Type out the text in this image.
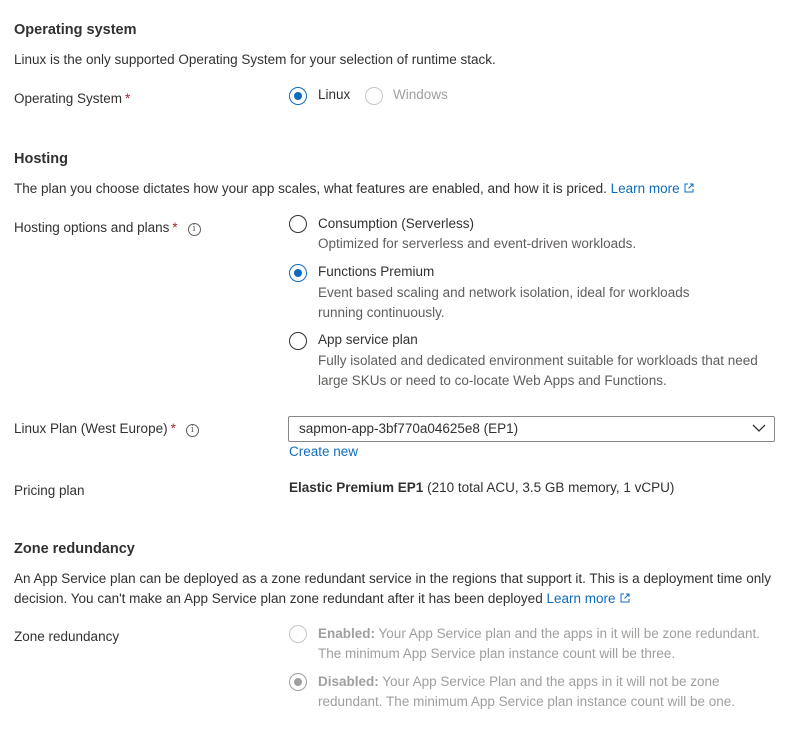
Operating system
Linux is the only supported Operating System for your selection of runtime stack.
Operating System *	Linux	Windows
Hosting
The plan you choose dictates how your app scales, what features are enabled, and how it is priced. Learn more
Hosting options and plans * i	Consumption (Serverless)
Optimized for serverless and event-driven workloads.
Functions Premium
Event based scaling and network isolation, ideal for workloads running continuously.
App service plan
Fully isolated and dedicated environment suitable for workloads that need large SKUs or need to co-locate Web Apps and Functions.
Linux Plan (West Europe) * i	sapmon-app-3bf770a04625e8 (EP1)
Create new
Pricing plan	Elastic Premium EP1 (210 total ACU, 3.5 GB memory, 1 vCPU)
Zone redundancy
An App Service plan can be deployed as a zone redundant service in the regions that support it. This is a deployment time only decision. You can't make an App Service plan zone redundant after it has been deployed Learn more
Zone redundancy	Enabled: Your App Service plan and the apps in it will be zone redundant. The minimum App Service plan instance count will be three.
Disabled: Your App Service Plan and the apps in it will not be zone redundant. The minimum App Service plan instance count will be one.
